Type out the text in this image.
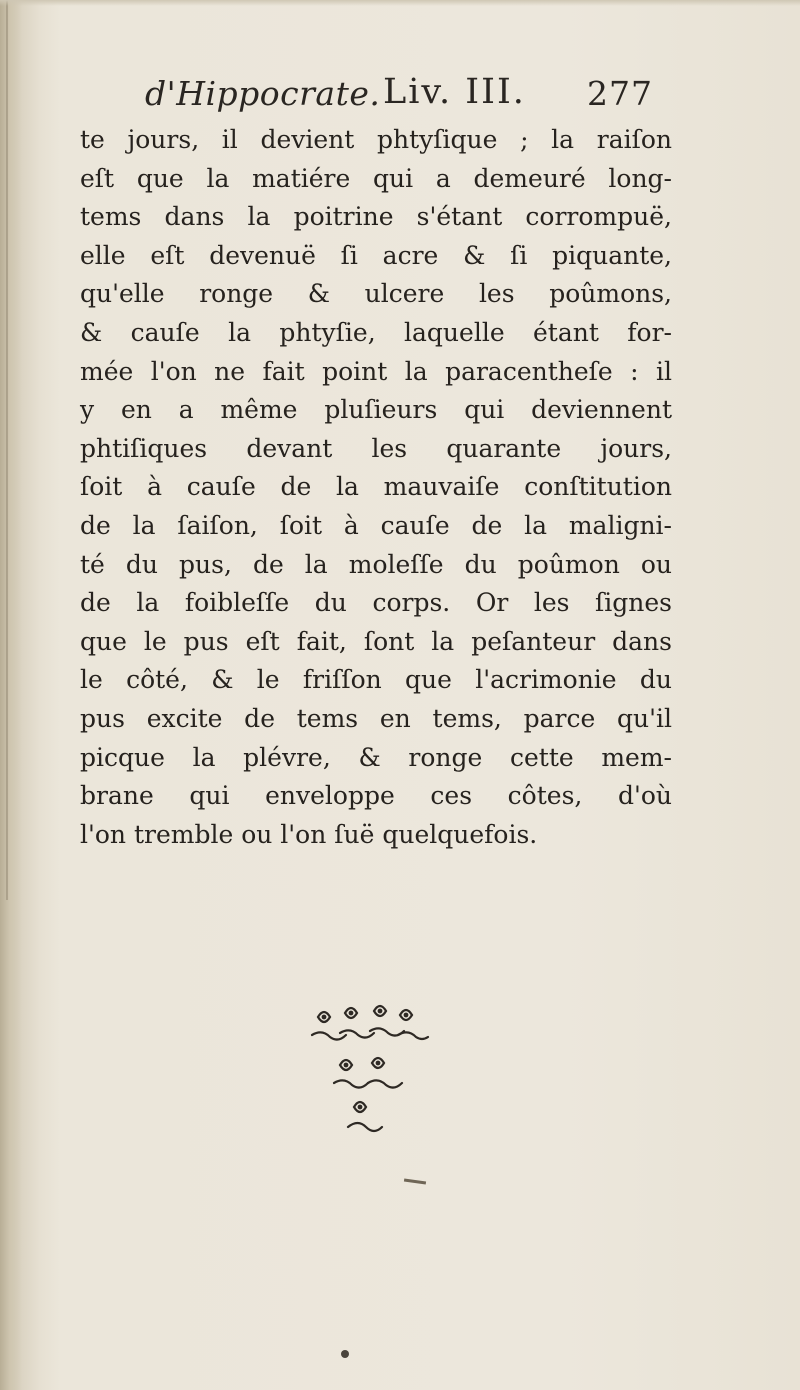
d'Hippocrate. Liv. III. 277
te jours, il devient phtyſique ; la raiſon
eſt que la matiére qui a demeuré long-
tems dans la poitrine s'étant corrompuë,
elle eſt devenuë ſi acre & ſi piquante,
qu'elle ronge & ulcere les poûmons,
& cauſe la phtyſie, laquelle étant for-
mée l'on ne fait point la paracentheſe : il
y en a même pluſieurs qui deviennent
phtiſiques devant les quarante jours,
ſoit à cauſe de la mauvaiſe conſtitution
de la ſaiſon, ſoit à cauſe de la maligni-
té du pus, de la moleſſe du poûmon ou
de la foibleſſe du corps. Or les ſignes
que le pus eſt fait, ſont la peſanteur dans
le côté, & le friſſon que l'acrimonie du
pus excite de tems en tems, parce qu'il
picque la plévre, & ronge cette mem-
brane qui enveloppe ces côtes, d'où
l'on tremble ou l'on ſuë quelquefois.
